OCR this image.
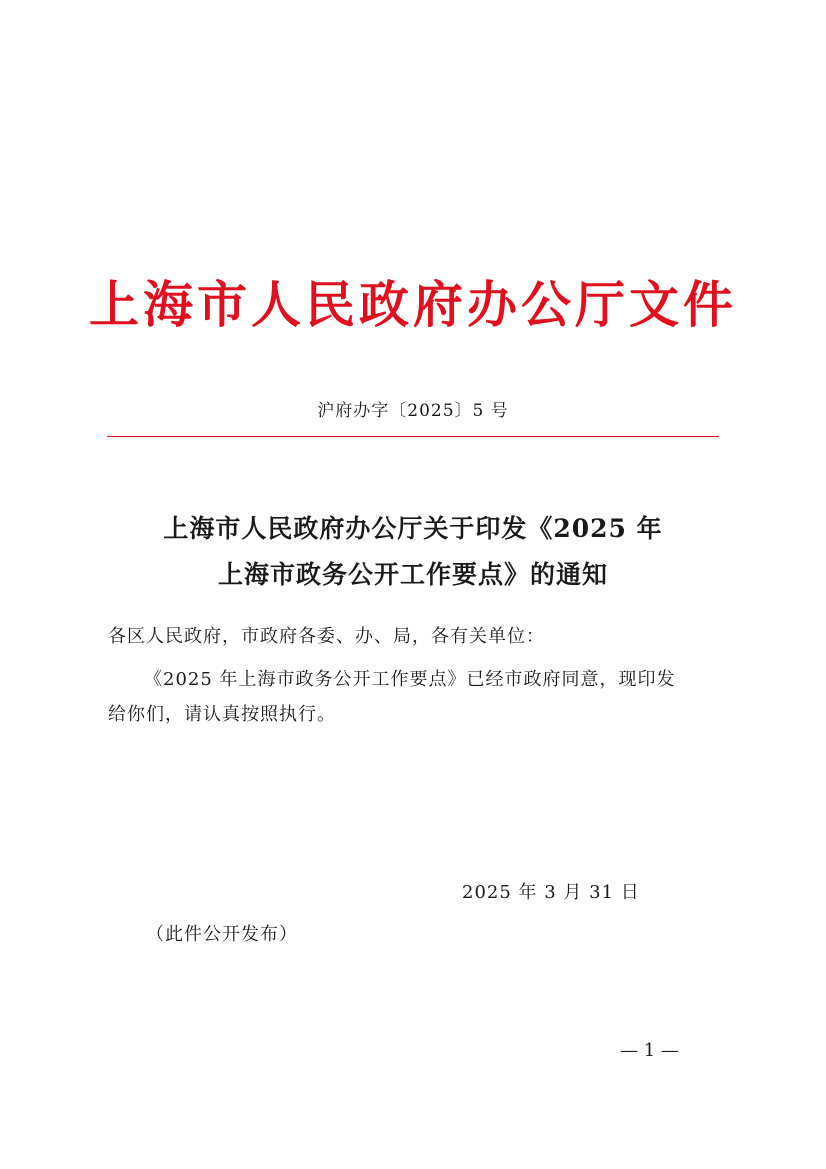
上海市人民政府办公厅文件
沪府办字〔2025〕5 号
上海市人民政府办公厅关于印发《2025 年
上海市政务公开工作要点》的通知
各区人民政府，市政府各委、办、局，各有关单位：
《2025 年上海市政务公开工作要点》已经市政府同意，现印发
给你们，请认真按照执行。
2025 年 3 月 31 日
（此件公开发布）
— 1 —
